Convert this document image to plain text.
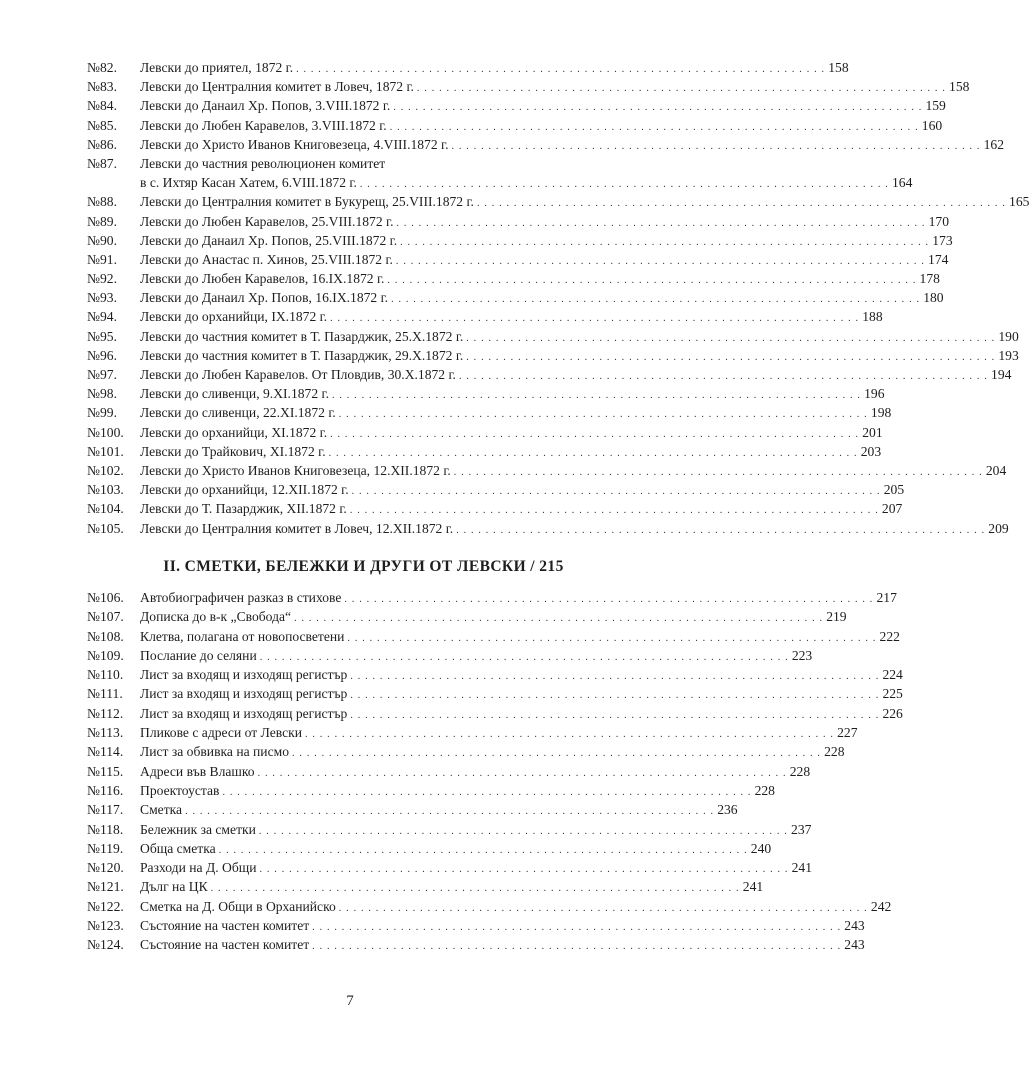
№82. Левски до приятел, 1872 г. . . . . . . . . . . . . . . . . . . . . . . . . . . . . . . . . . . . . . . . . . . . . . . . . . . . . . . . . . . . . . . . . . . . . . . . . 158
№83. Левски до Централния комитет в Ловеч, 1872 г. . . . . . . . . . . . . . . . . . . . . . . . . . . . . . . . . . . . . . . . . . . . . . . . . . . . . . . . . . . . . . . . . . . . . . . . . 158
№84. Левски до Данаил Хр. Попов, 3.VIII.1872 г. . . . . . . . . . . . . . . . . . . . . . . . . . . . . . . . . . . . . . . . . . . . . . . . . . . . . . . . . . . . . . . . . . . . . . . . . 159
№85. Левски до Любен Каравелов, 3.VIII.1872 г. . . . . . . . . . . . . . . . . . . . . . . . . . . . . . . . . . . . . . . . . . . . . . . . . . . . . . . . . . . . . . . . . . . . . . . . . 160
№86. Левски до Христо Иванов Книговезеца, 4.VIII.1872 г. . . . . . . . . . . . . . . . . . . . . . . . . . . . . . . . . . . . . . . . . . . . . . . . . . . . . . . . . . . . . . . . . . . . . . . . . 162
№87. Левски до частния революционен комитет
в с. Ихтяр Касан Хатем, 6.VIII.1872 г. . . . . . . . . . . . . . . . . . . . . . . . . . . . . . . . . . . . . . . . . . . . . . . . . . . . . . . . . . . . . . . . . . . . . . . . . 164
№88. Левски до Централния комитет в Букурещ, 25.VIII.1872 г. . . . . . . . . . . . . . . . . . . . . . . . . . . . . . . . . . . . . . . . . . . . . . . . . . . . . . . . . . . . . . . . . . . . . . . . . 165
№89. Левски до Любен Каравелов, 25.VIII.1872 г. . . . . . . . . . . . . . . . . . . . . . . . . . . . . . . . . . . . . . . . . . . . . . . . . . . . . . . . . . . . . . . . . . . . . . . . . 170
№90. Левски до Данаил Хр. Попов, 25.VIII.1872 г. . . . . . . . . . . . . . . . . . . . . . . . . . . . . . . . . . . . . . . . . . . . . . . . . . . . . . . . . . . . . . . . . . . . . . . . . 173
№91. Левски до Анастас п. Хинов, 25.VIII.1872 г. . . . . . . . . . . . . . . . . . . . . . . . . . . . . . . . . . . . . . . . . . . . . . . . . . . . . . . . . . . . . . . . . . . . . . . . . 174
№92. Левски до Любен Каравелов, 16.IX.1872 г. . . . . . . . . . . . . . . . . . . . . . . . . . . . . . . . . . . . . . . . . . . . . . . . . . . . . . . . . . . . . . . . . . . . . . . . . 178
№93. Левски до Данаил Хр. Попов, 16.IX.1872 г. . . . . . . . . . . . . . . . . . . . . . . . . . . . . . . . . . . . . . . . . . . . . . . . . . . . . . . . . . . . . . . . . . . . . . . . . 180
№94. Левски до орханийци, IX.1872 г. . . . . . . . . . . . . . . . . . . . . . . . . . . . . . . . . . . . . . . . . . . . . . . . . . . . . . . . . . . . . . . . . . . . . . . . . 188
№95. Левски до частния комитет в Т. Пазарджик, 25.X.1872 г. . . . . . . . . . . . . . . . . . . . . . . . . . . . . . . . . . . . . . . . . . . . . . . . . . . . . . . . . . . . . . . . . . . . . . . . . 190
№96. Левски до частния комитет в Т. Пазарджик, 29.X.1872 г. . . . . . . . . . . . . . . . . . . . . . . . . . . . . . . . . . . . . . . . . . . . . . . . . . . . . . . . . . . . . . . . . . . . . . . . . 193
№97. Левски до Любен Каравелов. От Пловдив, 30.X.1872 г. . . . . . . . . . . . . . . . . . . . . . . . . . . . . . . . . . . . . . . . . . . . . . . . . . . . . . . . . . . . . . . . . . . . . . . . . 194
№98. Левски до сливенци, 9.XI.1872 г. . . . . . . . . . . . . . . . . . . . . . . . . . . . . . . . . . . . . . . . . . . . . . . . . . . . . . . . . . . . . . . . . . . . . . . . . 196
№99. Левски до сливенци, 22.XI.1872 г. . . . . . . . . . . . . . . . . . . . . . . . . . . . . . . . . . . . . . . . . . . . . . . . . . . . . . . . . . . . . . . . . . . . . . . . . 198
№100. Левски до орханийци, XI.1872 г. . . . . . . . . . . . . . . . . . . . . . . . . . . . . . . . . . . . . . . . . . . . . . . . . . . . . . . . . . . . . . . . . . . . . . . . . 201
№101. Левски до Трайкович, XI.1872 г. . . . . . . . . . . . . . . . . . . . . . . . . . . . . . . . . . . . . . . . . . . . . . . . . . . . . . . . . . . . . . . . . . . . . . . . . 203
№102. Левски до Христо Иванов Книговезеца, 12.XII.1872 г. . . . . . . . . . . . . . . . . . . . . . . . . . . . . . . . . . . . . . . . . . . . . . . . . . . . . . . . . . . . . . . . . . . . . . . . . 204
№103. Левски до орханийци, 12.XII.1872 г. . . . . . . . . . . . . . . . . . . . . . . . . . . . . . . . . . . . . . . . . . . . . . . . . . . . . . . . . . . . . . . . . . . . . . . . . 205
№104. Левски до Т. Пазарджик, XII.1872 г. . . . . . . . . . . . . . . . . . . . . . . . . . . . . . . . . . . . . . . . . . . . . . . . . . . . . . . . . . . . . . . . . . . . . . . . . 207
№105. Левски до Централния комитет в Ловеч, 12.XII.1872 г. . . . . . . . . . . . . . . . . . . . . . . . . . . . . . . . . . . . . . . . . . . . . . . . . . . . . . . . . . . . . . . . . . . . . . . . . 209
II. СМЕТКИ, БЕЛЕЖКИ И ДРУГИ ОТ ЛЕВСКИ / 215
№106. Автобиографичен разказ в стихове . . . . . . . . . . . . . . . . . . . . . . . . . . . . . . . . . . . . . . . . . . . . . . . . . . . . . . . . . . . . . . . . . . . . . . . . 217
№107. Дописка до в-к „Свобода“ . . . . . . . . . . . . . . . . . . . . . . . . . . . . . . . . . . . . . . . . . . . . . . . . . . . . . . . . . . . . . . . . . . . . . . . . 219
№108. Клетва, полагана от новопосветени . . . . . . . . . . . . . . . . . . . . . . . . . . . . . . . . . . . . . . . . . . . . . . . . . . . . . . . . . . . . . . . . . . . . . . . . 222
№109. Послание до селяни . . . . . . . . . . . . . . . . . . . . . . . . . . . . . . . . . . . . . . . . . . . . . . . . . . . . . . . . . . . . . . . . . . . . . . . . 223
№110. Лист за входящ и изходящ регистър . . . . . . . . . . . . . . . . . . . . . . . . . . . . . . . . . . . . . . . . . . . . . . . . . . . . . . . . . . . . . . . . . . . . . . . . 224
№111. Лист за входящ и изходящ регистър . . . . . . . . . . . . . . . . . . . . . . . . . . . . . . . . . . . . . . . . . . . . . . . . . . . . . . . . . . . . . . . . . . . . . . . . 225
№112. Лист за входящ и изходящ регистър . . . . . . . . . . . . . . . . . . . . . . . . . . . . . . . . . . . . . . . . . . . . . . . . . . . . . . . . . . . . . . . . . . . . . . . . 226
№113. Пликове с адреси от Левски . . . . . . . . . . . . . . . . . . . . . . . . . . . . . . . . . . . . . . . . . . . . . . . . . . . . . . . . . . . . . . . . . . . . . . . . 227
№114. Лист за обвивка на писмо . . . . . . . . . . . . . . . . . . . . . . . . . . . . . . . . . . . . . . . . . . . . . . . . . . . . . . . . . . . . . . . . . . . . . . . . 228
№115. Адреси във Влашко . . . . . . . . . . . . . . . . . . . . . . . . . . . . . . . . . . . . . . . . . . . . . . . . . . . . . . . . . . . . . . . . . . . . . . . . 228
№116. Проектоустав . . . . . . . . . . . . . . . . . . . . . . . . . . . . . . . . . . . . . . . . . . . . . . . . . . . . . . . . . . . . . . . . . . . . . . . . 228
№117. Сметка . . . . . . . . . . . . . . . . . . . . . . . . . . . . . . . . . . . . . . . . . . . . . . . . . . . . . . . . . . . . . . . . . . . . . . . . 236
№118. Бележник за сметки . . . . . . . . . . . . . . . . . . . . . . . . . . . . . . . . . . . . . . . . . . . . . . . . . . . . . . . . . . . . . . . . . . . . . . . . 237
№119. Обща сметка . . . . . . . . . . . . . . . . . . . . . . . . . . . . . . . . . . . . . . . . . . . . . . . . . . . . . . . . . . . . . . . . . . . . . . . . 240
№120. Разходи на Д. Общи . . . . . . . . . . . . . . . . . . . . . . . . . . . . . . . . . . . . . . . . . . . . . . . . . . . . . . . . . . . . . . . . . . . . . . . . 241
№121. Дълг на ЦК . . . . . . . . . . . . . . . . . . . . . . . . . . . . . . . . . . . . . . . . . . . . . . . . . . . . . . . . . . . . . . . . . . . . . . . . 241
№122. Сметка на Д. Общи в Орханийско . . . . . . . . . . . . . . . . . . . . . . . . . . . . . . . . . . . . . . . . . . . . . . . . . . . . . . . . . . . . . . . . . . . . . . . . 242
№123. Състояние на частен комитет . . . . . . . . . . . . . . . . . . . . . . . . . . . . . . . . . . . . . . . . . . . . . . . . . . . . . . . . . . . . . . . . . . . . . . . . 243
№124. Състояние на частен комитет . . . . . . . . . . . . . . . . . . . . . . . . . . . . . . . . . . . . . . . . . . . . . . . . . . . . . . . . . . . . . . . . . . . . . . . . 243
7
